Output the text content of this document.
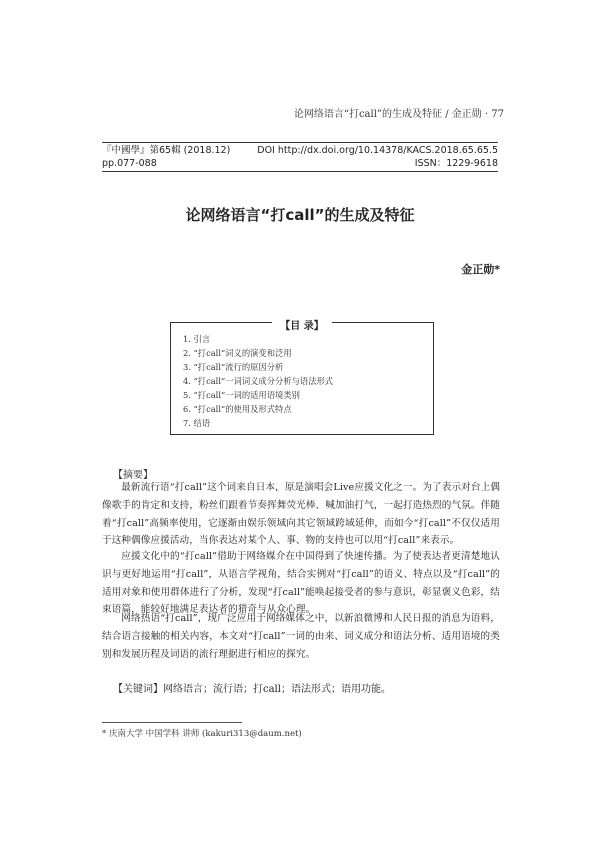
论网络语言“打call”的生成及特征 / 金正勋 · 77
『中國學』第65輯 (2018.12)	DOI http://dx.doi.org/10.14378/KACS.2018.65.65.5
pp.077-088	ISSN：1229-9618
论网络语言“打call”的生成及特征
金正勋*
【目 录】
1. 引言
2. “打call”词义的演变和泛用
3. “打call”流行的原因分析
4. “打call”一词词义成分分析与语法形式
5. “打call”一词的适用语境类别
6. “打call”的使用及形式特点
7. 结语
【摘要】

最新流行语“打call”这个词来自日本，原是演唱会Live应援文化之一。为了表示对台上偶像歌手的肯定和支持，粉丝们跟着节奏挥舞荧光棒、喊加油打气，一起打造热烈的气氛。伴随着“打call”高频率使用，它逐渐由娱乐领域向其它领域跨域延伸，而如今“打call”不仅仅适用于这种偶像应援活动，当你表达对某个人、事、物的支持也可以用“打call”来表示。

应援文化中的“打call”借助于网络媒介在中国得到了快速传播。为了使表达者更清楚地认识与更好地运用“打call”，从语言学视角，结合实例对“打call”的语义、特点以及“打call”的适用对象和使用群体进行了分析，发现“打call”能唤起接受者的参与意识，彰显褒义色彩，结束语篇，能较好地满足表达者的猎奇与从众心理。

网络热语“打call”，现广泛应用于网络媒体之中，以新浪微博和人民日报的消息为语料，结合语言接触的相关内容，本文对“打call”一词的由来、词义成分和语法分析、适用语境的类别和发展历程及词语的流行理据进行相应的探究。

【关键词】网络语言；流行语；打call；语法形式；语用功能。
* 庆南大学 中国学科 讲师 (kakuri313@daum.net)
